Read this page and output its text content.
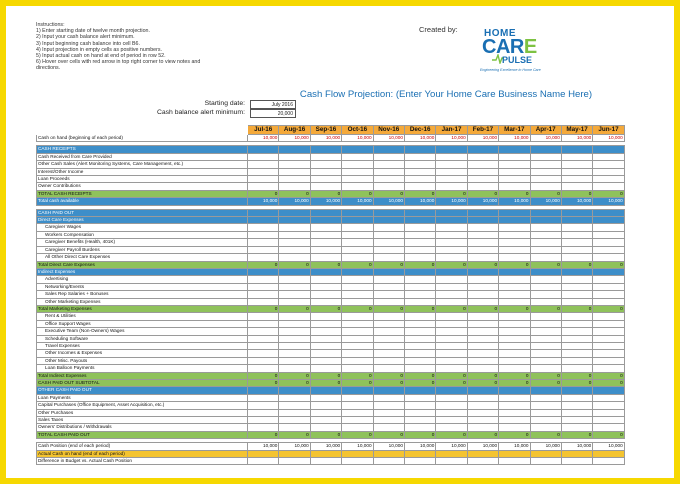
Instructions:
1) Enter starting date of twelve month projection.
2) Input your cash balance alert minimum.
3) Input beginning cash balance into cell B6.
4) Input projection in empty cells as positive numbers.
5) Input actual cash on hand at end of period in row 52.
6) Hover over cells with red arrow in top right corner to view notes and
directions.
Created by:	HOME
CARE
PULSE
Engineering Excellence in Home Care
Cash Flow Projection: (Enter Your Home Care Business Name Here)
Starting date:	July 2016
Cash balance alert minimum:	20,000
	Jul-16	Aug-16	Sep-16	Oct-16	Nov-16	Dec-16	Jan-17	Feb-17	Mar-17	Apr-17	May-17	Jun-17
Cash on hand (beginning of each period)	10,000	10,000	10,000	10,000	10,000	10,000	10,000	10,000	10,000	10,000	10,000	10,000

CASH RECEIPTS												
Cash Received from Care Provided												
Other Cash Sales (Alert Monitoring Systems, Care Management, etc.)												
Interest/Other Income												
Loan Proceeds												
Owner Contributions												
TOTAL CASH RECEIPTS	0	0	0	0	0	0	0	0	0	0	0	0
Total cash available	10,000	10,000	10,000	10,000	10,000	10,000	10,000	10,000	10,000	10,000	10,000	10,000

CASH PAID OUT												
Direct Care Expenses												
Caregiver Wages												
Workers Compensation												
Caregiver Benefits (Health, 401K)												
Caregiver Payroll Burdens												
All Other Direct Care Expenses												
Total Direct Care Expenses	0	0	0	0	0	0	0	0	0	0	0	0
Indirect Expenses												
Advertising												
Networking/Events												
Sales Rep Salaries + Bonuses												
Other Marketing Expenses												
Total Marketing Expenses	0	0	0	0	0	0	0	0	0	0	0	0
Rent & Utilities												
Office Support Wages												
Executive Team (Non-Owners) Wages												
Scheduling Software												
Travel Expenses												
Other Incomes & Expenses												
Other Misc. Payouts												
Loan Balloon Payments												
Total Indirect Expenses	0	0	0	0	0	0	0	0	0	0	0	0
CASH PAID OUT SUBTOTAL	0	0	0	0	0	0	0	0	0	0	0	0
OTHER CASH PAID OUT												
Loan Payments												
Capital Purchases (Office Equipment, Asset Acquisition, etc.)												
Other Purchases												
Sales Taxes												
Owners' Distributions / Withdrawals												
TOTAL CASH PAID OUT	0	0	0	0	0	0	0	0	0	0	0	0

Cash Position (end of each period)	10,000	10,000	10,000	10,000	10,000	10,000	10,000	10,000	10,000	10,000	10,000	10,000
Actual Cash on hand (end of each period)												
Difference in Budget vs. Actual Cash Position												
